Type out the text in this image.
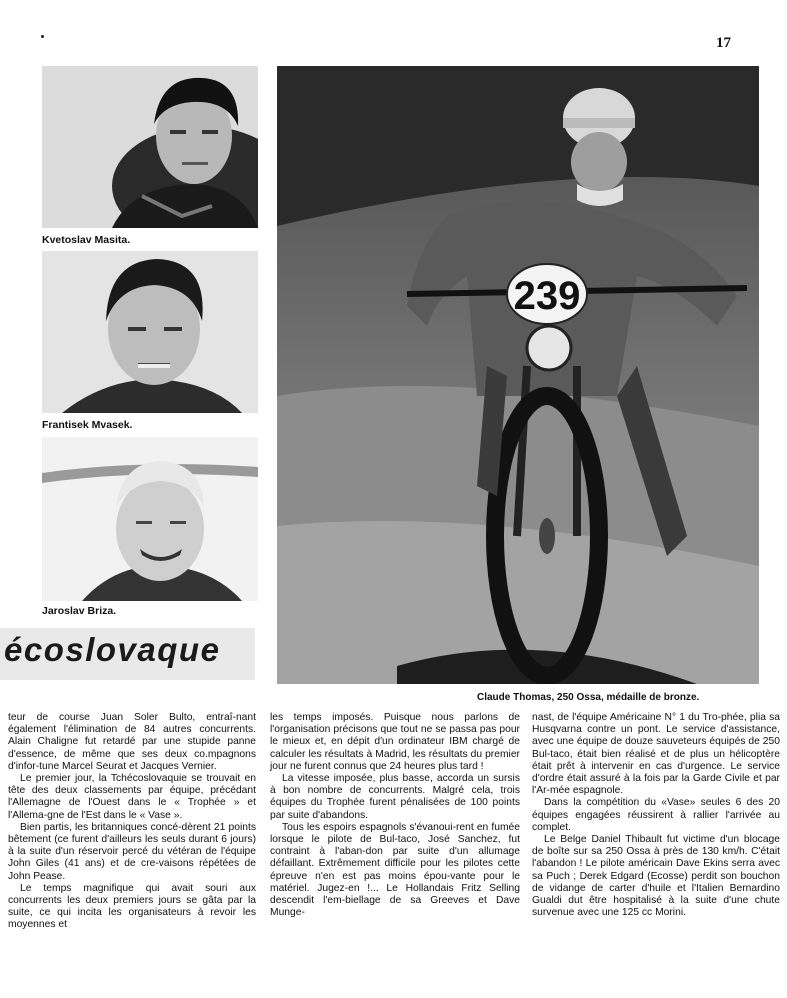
17
Kvetoslav Masita.
Frantisek Mvasek.
Jaroslav Briza.
écoslovaque
239
Claude Thomas, 250 Ossa, médaille de bronze.

teur de course Juan Soler Bulto, entraî-nant également l'élimination de 84 autres concurrents. Alain Chaligne fut retardé par une stupide panne d'essence, de même que ses deux co.mpagnons d'infor-tune Marcel Seurat et Jacques Vernier.

Le premier jour, la Tchécoslovaquie se trouvait en tête des deux classements par équipe, précédant l'Allemagne de l'Ouest dans le « Trophée » et l'Allema-gne de l'Est dans le « Vase ».

Bien partis, les britanniques concé-dèrent 21 points bêtement (ce furent d'ailleurs les seuls durant 6 jours) à la suite d'un réservoir percé du vétéran de l'équipe John Giles (41 ans) et de cre-vaisons répétées de John Pease.

Le temps magnifique qui avait souri aux concurrents les deux premiers jours se gâta par la suite, ce qui incita les organisateurs à revoir les moyennes et

les temps imposés. Puisque nous parlons de l'organisation précisons que tout ne se passa pas pour le mieux et, en dépit d'un ordinateur IBM chargé de calculer les résultats à Madrid, les résultats du premier jour ne furent connus que 24 heures plus tard !

La vitesse imposée, plus basse, accorda un sursis à bon nombre de concurrents. Malgré cela, trois équipes du Trophée furent pénalisées de 100 points par suite d'abandons.

Tous les espoirs espagnols s'évanoui-rent en fumée lorsque le pilote de Bul-taco, José Sanchez, fut contraint à l'aban-don par suite d'un allumage défaillant. Extrêmement difficile pour les pilotes cette épreuve n'en est pas moins épou-vante pour le matériel. Jugez-en !... Le Hollandais Fritz Selling descendit l'em-biellage de sa Greeves et Dave Munge-

nast, de l'équipe Américaine N° 1 du Tro-phée, plia sa Husqvarna contre un pont. Le service d'assistance, avec une équipe de douze sauveteurs équipés de 250 Bul-taco, était bien réalisé et de plus un hélicoptère était prêt à intervenir en cas d'urgence. Le service d'ordre était assuré à la fois par la Garde Civile et par l'Ar-mée espagnole.

Dans la compétition du «Vase» seules 6 des 20 équipes engagées réussirent à rallier l'arrivée au complet.

Le Belge Daniel Thibault fut victime d'un blocage de boîte sur sa 250 Ossa à près de 130 km/h. C'était l'abandon ! Le pilote américain Dave Ekins serra avec sa Puch ; Derek Edgard (Ecosse) perdit son bouchon de vidange de carter d'huile et l'Italien Bernardino Gualdi dut être hospitalisé à la suite d'une chute survenue avec une 125 cc Morini.
